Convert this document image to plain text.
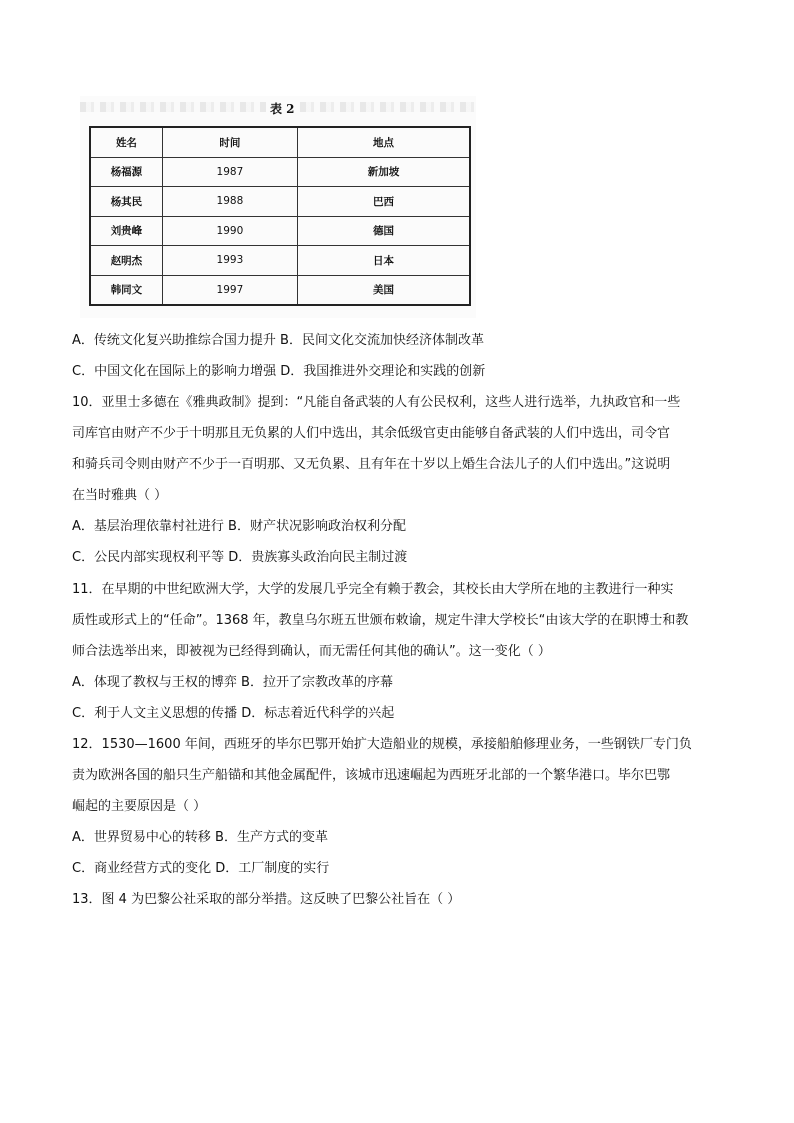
表 2
姓名	时间	地点
杨福源	1987	新加坡
杨其民	1988	巴西
刘贵峰	1990	德国
赵明杰	1993	日本
韩同文	1997	美国
A．传统文化复兴助推综合国力提升 B．民间文化交流加快经济体制改革
C．中国文化在国际上的影响力增强 D．我国推进外交理论和实践的创新
10．亚里士多德在《雅典政制》提到：“凡能自备武装的人有公民权利，这些人进行选举，九执政官和一些
司库官由财产不少于十明那且无负累的人们中选出，其余低级官吏由能够自备武装的人们中选出，司令官
和骑兵司令则由财产不少于一百明那、又无负累、且有年在十岁以上婚生合法儿子的人们中选出。”这说明
在当时雅典（ ）
A．基层治理依靠村社进行 B．财产状况影响政治权利分配
C．公民内部实现权利平等 D．贵族寡头政治向民主制过渡
11．在早期的中世纪欧洲大学，大学的发展几乎完全有赖于教会，其校长由大学所在地的主教进行一种实
质性或形式上的“任命”。1368 年，教皇乌尔班五世颁布敕谕，规定牛津大学校长“由该大学的在职博士和教
师合法选举出来，即被视为已经得到确认，而无需任何其他的确认”。这一变化（ ）
A．体现了教权与王权的博弈 B．拉开了宗教改革的序幕
C．利于人文主义思想的传播 D．标志着近代科学的兴起
12．1530—1600 年间，西班牙的毕尔巴鄂开始扩大造船业的规模，承接船舶修理业务，一些钢铁厂专门负
责为欧洲各国的船只生产船锚和其他金属配件，该城市迅速崛起为西班牙北部的一个繁华港口。毕尔巴鄂
崛起的主要原因是（ ）
A．世界贸易中心的转移 B．生产方式的变革
C．商业经营方式的变化 D．工厂制度的实行
13．图 4 为巴黎公社采取的部分举措。这反映了巴黎公社旨在（ ）
